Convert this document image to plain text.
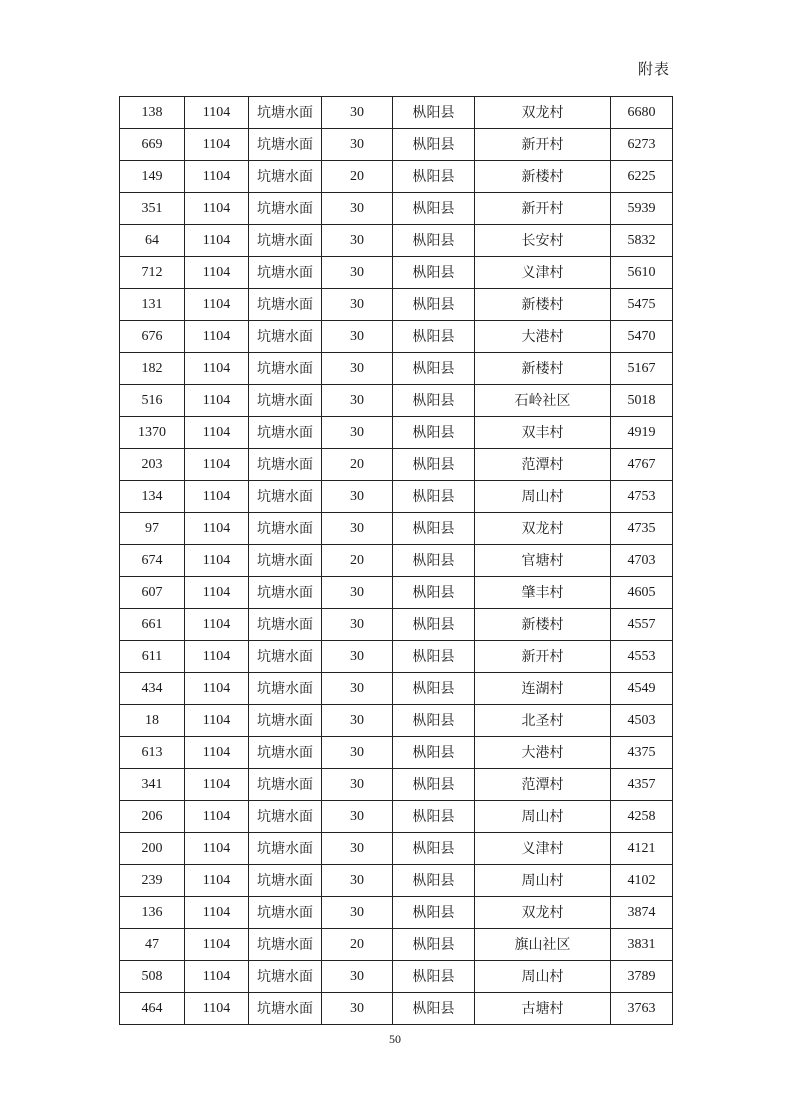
附表
138	1104	坑塘水面	30	枞阳县	双龙村	6680
669	1104	坑塘水面	30	枞阳县	新开村	6273
149	1104	坑塘水面	20	枞阳县	新楼村	6225
351	1104	坑塘水面	30	枞阳县	新开村	5939
64	1104	坑塘水面	30	枞阳县	长安村	5832
712	1104	坑塘水面	30	枞阳县	义津村	5610
131	1104	坑塘水面	30	枞阳县	新楼村	5475
676	1104	坑塘水面	30	枞阳县	大港村	5470
182	1104	坑塘水面	30	枞阳县	新楼村	5167
516	1104	坑塘水面	30	枞阳县	石岭社区	5018
1370	1104	坑塘水面	30	枞阳县	双丰村	4919
203	1104	坑塘水面	20	枞阳县	范潭村	4767
134	1104	坑塘水面	30	枞阳县	周山村	4753
97	1104	坑塘水面	30	枞阳县	双龙村	4735
674	1104	坑塘水面	20	枞阳县	官塘村	4703
607	1104	坑塘水面	30	枞阳县	肇丰村	4605
661	1104	坑塘水面	30	枞阳县	新楼村	4557
611	1104	坑塘水面	30	枞阳县	新开村	4553
434	1104	坑塘水面	30	枞阳县	连湖村	4549
18	1104	坑塘水面	30	枞阳县	北圣村	4503
613	1104	坑塘水面	30	枞阳县	大港村	4375
341	1104	坑塘水面	30	枞阳县	范潭村	4357
206	1104	坑塘水面	30	枞阳县	周山村	4258
200	1104	坑塘水面	30	枞阳县	义津村	4121
239	1104	坑塘水面	30	枞阳县	周山村	4102
136	1104	坑塘水面	30	枞阳县	双龙村	3874
47	1104	坑塘水面	20	枞阳县	旗山社区	3831
508	1104	坑塘水面	30	枞阳县	周山村	3789
464	1104	坑塘水面	30	枞阳县	古塘村	3763
50
